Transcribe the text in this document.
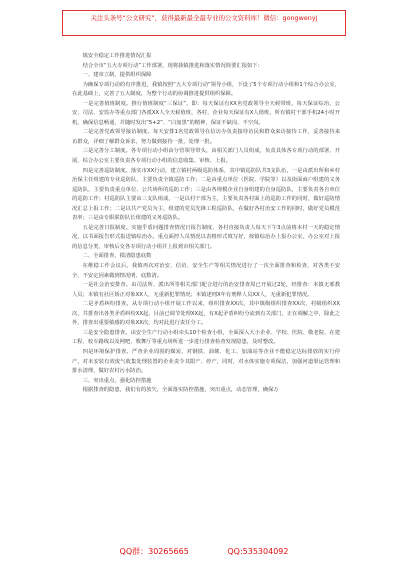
关注头条号“公文研究”，获得最新最全最专业的公文资料库！微信：gongwenyj

镇安全稳定工作推进情况汇报

结合全市“五大专项行动”工作部署，现将我镇推进和落实情况简要汇报如下：

一、建章立制，提供组织保障

为确保专项行动的有序推进，我镇按照“五大专项行动”领导小组，下设了5个专项行动小组和1个综合办公室，在此基础上，完善了五大制度，为整个行动的协调推进提供组织保障。

一是完善值班制度。推行值班制度“三保证”，即：每天保证有XX名党政领导全天候带班，每天保证综治、公安、司法、安监办等重点部门各派XX人全天候值班，各村、企业每天保证有X人值班，所有镇村干部手机24小时开机，确保信息畅通，并随时发出“5+2”、“白加黑”的精神，保证不缺岗、不空岗。

二是完善党政领导接访制度。每天安排1名党政领导在信访办负责接待访民和群众来访接待工作，妥善接待来访群众，详细了解群众诉求，努力做到接待一批，处理一批。

三是完善分工制度。各专项行动小组由分管领导带头，由相关部门人员组成，负责具体各专项行动的部署、开展，综合办公室主要负责各专项行动小组的信息收集、审核、上报。

四是完善巡防制度。落实市XX行动，建立镇村两级巡防体系，其中镇巡防队共3支队伍，一是由派出所和乡村治保主任组建的专业巡防队，主要负责全镇巡防工作；二是由重点单位（医院、学院等）以及街面商户组建的义务巡防队，主要负责重点单位、公共场所的巡防工作；三是由各规模企业自身组建的自身巡防队，主要负责各自单位的巡防工作；村巡防队主要由三支队组成，一是以村干部为主，主要负责各村面上的巡防工作的同时，做好巡防情况汇总上报工作；二是以共产党员为主，组建的党员先锋工程巡防队，在做好各村治安工作的同时，做好党员模范表率；三是由专职联防队长组建的义务巡防队。

五是完善日报制度。实施乎盾问题排查情况日报告制度，各村直接负责人每天下午3点前将本村一天的稳定情况，以书面报告形式报送镇综治办。重点面控人员情况以表格形式填写好，按镇综治办上报办公室。办公室对上报的信息分类、审核后交各专项行动小组并上报到市相关部门。

二、全面排查，摸清隐患底数

在维稳工作会议后，我镇再次对治安、信访、安全生产等相关情况进行了一次全面排查和检查，对各类不安全、不安定因素做到情况明、底数清。

一是社会治安排查。由司法所、派出所等相关部门配合进行的治安排查周已开展过2轮，经排查：本镇无邪教人员；本镇有社区矫正对象XX人，无重新犯罪情况；本镇述刑X年有刑释人员XX人，无重新犯罪情况。

二是矛盾纠纷排查。从专项行动小组开展工作以来，组织排查XX次，其中镇级组织排查XX次，村级组织XX次，共排查出各类矛盾纠纷XX起，目前已调节处理XX起，有X起矛盾纠纷分流到有关部门，正在调解之中，除此之外，排查出重要敏感的对象XX次，均对此进行责任分工。

三是安全隐患排查。由安全生产行动小组牵头10个检查小组，全面深入大小企业、学校、医院、敬老院、在建工程、校车路线以及网吧、歌舞厅等重点场所进一步进行排查检查发现隐患，及时整改。

四是环境保护排查。严查企业周围的煤炭、对钢铁、油烯、化工、加油站等企业不能稳定达标排放的实行停产，对未安装有效废气收集处理装置的企业责令其限产、停产，同时，对水体实施专项保洁，加强河道渠运管理和排水清理，做好农村污水防治。

三、突出重点，强化防控措施

根据排查的隐患，我们有的放矢，全面落实防控措施，突出重点，动态管理，确保万

QQ群：30265665	QQ:535304092
